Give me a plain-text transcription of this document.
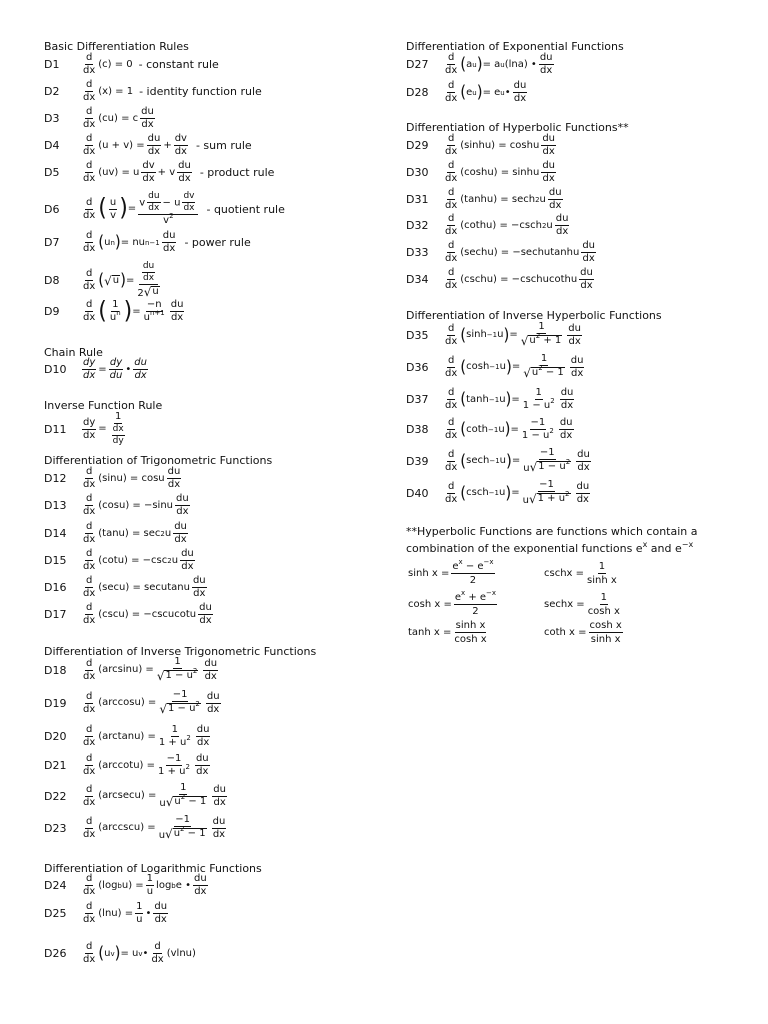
Basic Differentiation Rules
D1
d
dx
(c) = 0 - constant rule
D2
d
dx
(x) = 1 - identity function rule
D3
d
dx
(cu) = c
du
dx
D4
d
dx
(u + v) =
du
dx
+
dv
dx - sum rule
D5
d
dx
(uv) = u
dv
dx
+ v
du
dx - product rule
D6
d
dx ( u
v ) = v $\frac{du}{dx} - u \frac{dv}{dx}$
$v^2$
- quotient rule
D7
d
dx ( u n ) = nu n−1
du
dx - power rule
D8
d
dx ( √ u ) = $\frac{du}{dx}$
2 √ u
D9
d
dx ( 1
$u^n$ ) =
−n
$u^{n+1}$
du
dx
Chain Rule
D10
dy
dx
=
dy
du
•
du
dx
Inverse Function Rule
D11
dy
dx
=
1
$\frac{dx}{dy}$
Differentiation of Trigonometric Functions
D12
d
dx
(sinu) = cosu
du
dx
D13
d
dx
(cosu) = −sinu
du
dx
D14
d
dx
(tanu) = sec 2 u
du
dx
D15
d
dx
(cotu) = −csc 2 u
du
dx
D16
d
dx
(secu) = secutanu
du
dx
D17
d
dx
(cscu) = −cscucotu
du
dx
Differentiation of Inverse Trigonometric Functions
D18
d
dx
(arcsinu) =
1
√ $1 - u^2$
du
dx
D19
d
dx
(arccosu) =
−1
√ $1 - u^2$
du
dx
D20
d
dx
(arctanu) =
1
$1 + u^2$
du
dx
D21
d
dx
(arccotu) =
−1
$1 + u^2$
du
dx
D22
d
dx
(arcsecu) =
1
u √ $u^2 - 1$
du
dx
D23
d
dx
(arccscu) =
−1
u √ $u^2 - 1$
du
dx
Differentiation of Logarithmic Functions
D24
d
dx
(log b u) =
1
u
log b e •
du
dx
D25
d
dx
(lnu) =
1
u
•
du
dx
D26
d
dx ( u v ) = u v •
d
dx
(vlnu)
Differentiation of Exponential Functions
D27
d
dx ( a u ) = a u (lna) •
du
dx
D28
d
dx ( e u ) = e u •
du
dx
Differentiation of Hyperbolic Functions**
D29
d
dx
(sinhu) = coshu
du
dx
D30
d
dx
(coshu) = sinhu
du
dx
D31
d
dx
(tanhu) = sech 2 u
du
dx
D32
d
dx
(cothu) = −csch 2 u
du
dx
D33
d
dx
(sechu) = −sechutanhu
du
dx
D34
d
dx
(cschu) = −cschucothu
du
dx
Differentiation of Inverse Hyperbolic Functions
D35
d
dx ( sinh −1 u ) =
1
√ $u^2 + 1$
du
dx
D36
d
dx ( cosh −1 u ) =
1
√ $u^2 - 1$
du
dx
D37
d
dx ( tanh −1 u ) =
1
$1 - u^2$
du
dx
D38
d
dx ( coth −1 u ) =
−1
$1 - u^2$
du
dx
D39
d
dx ( sech −1 u ) =
−1
u √ $1 - u^2$
du
dx
D40
d
dx ( csch −1 u ) =
−1
u √ $1 + u^2$
du
dx
**Hyperbolic Functions are functions which contain a
combination of the exponential functions $e^x$ and $e^{-x}$
sinh x =
$e^x - e^{-x}$
2
cschx =
1
sinh x
cosh x =
$e^x + e^{-x}$
2
sechx =
1
cosh x
tanh x =
sinh x
cosh x
coth x =
cosh x
sinh x
